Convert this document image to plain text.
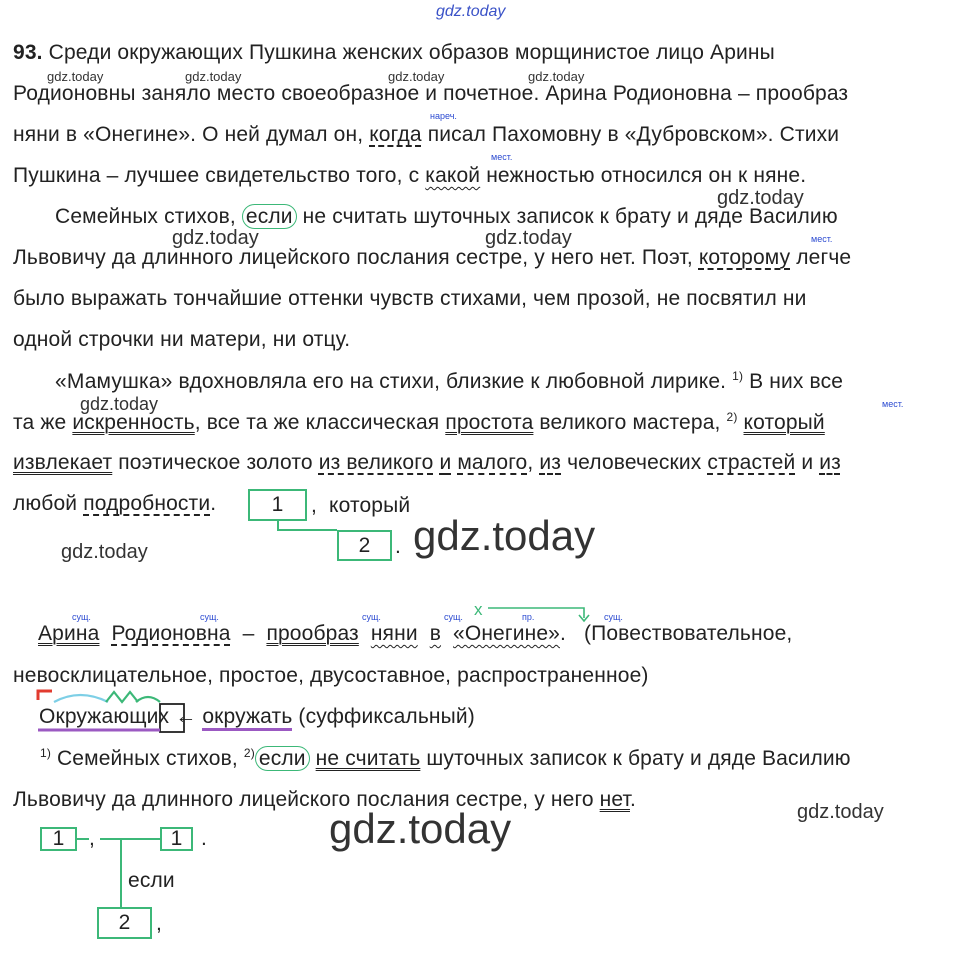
gdz.today
gdz.today	gdz.today	gdz.today	gdz.today
gdz.today
gdz.today	gdz.today
gdz.today
gdz.today	gdz.today
gdz.today
gdz.today
93. Среди окружающих Пушкина женских образов морщинистое лицо Арины
Родионовны заняло место своеобразное и почетное. Арина Родионовна – прообраз
няни в «Онегине». О ней думал он, когда писал Пахомовну в «Дубровском». Стихи
нареч.
Пушкина – лучшее свидетельство того, с какой нежностью относился он к няне.
мест.
Семейных стихов, если не считать шуточных записок к брату и дяде Василию
Львовичу да длинного лицейского послания сестре, у него нет. Поэт, которому легче
мест.
было выражать тончайшие оттенки чувств стихами, чем прозой, не посвятил ни
одной строчки ни матери, ни отцу.
«Мамушка» вдохновляла его на стихи, близкие к любовной лирике. $^{1)}$ В них все
та же искренность, все та же классическая простота великого мастера, $^{2)}$ который
мест.
извлекает поэтическое золото из великого и малого, из человеческих страстей и из
любой подробности.	1	, который
2	.
сущ.	сущ.	сущ.	сущ. x	пр.	сущ.
Арина Родионовна – прообраз няни в «Онегине». (Повествовательное,
невосклицательное, простое, двусоставное, распространенное)
Окружающих ← окружать (суффиксальный)
$^{1)}$ Семейных стихов, $^{2)}$ если не считать шуточных записок к брату и дяде Василию
Львовичу да длинного лицейского послания сестре, у него нет.
1	,	1 .
если
2	,
